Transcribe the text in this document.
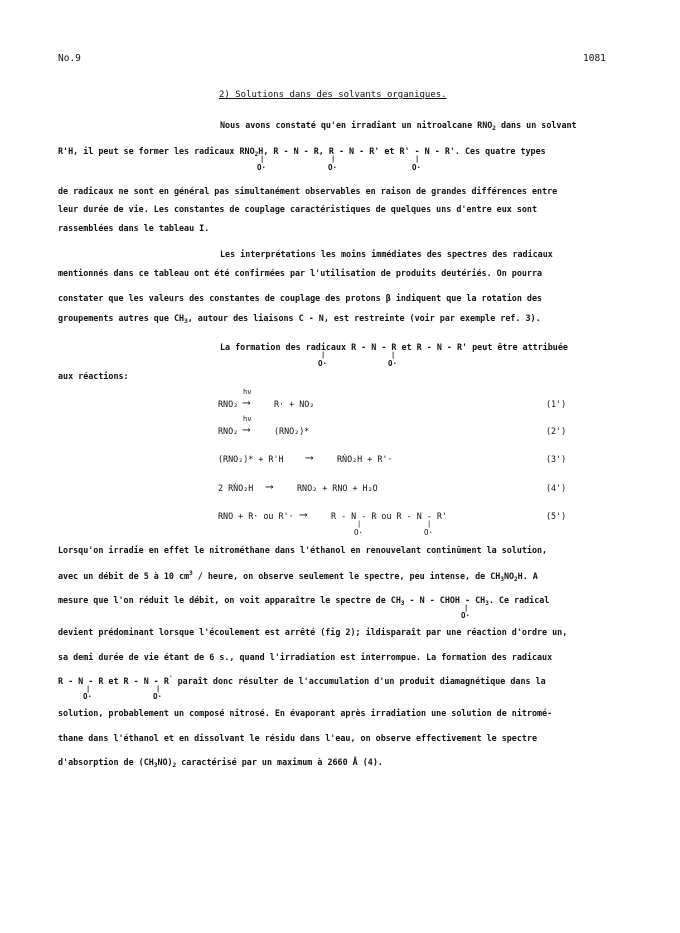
No.9	1081
2) Solutions dans des solvants organiques.
Nous avons constaté qu'en irradiant un nitroalcane $RNO_2$ dans un solvant
R'H, il peut se former les radicaux $RNO_2H$, R - N - R, R - N - R' et R' - N - R'. Ces quatre types
|
O·
|
O·
|
O·
de radicaux ne sont en général pas simultanément observables en raison de grandes différences entre
leur durée de vie. Les constantes de couplage caractéristiques de quelques uns d'entre eux sont
rassemblées dans le tableau I.
Les interprétations les moins immédiates des spectres des radicaux
mentionnés dans ce tableau ont été confirmées par l'utilisation de produits deutériés. On pourra
constater que les valeurs des constantes de couplage des protons β indiquent que la rotation des
groupements autres que $CH_3$, autour des liaisons C - N, est restreinte (voir par exemple ref. 3).
La formation des radicaux R - N - R et R - N - R' peut être attribuée
|
O·
|
O·
aux réactions:
RNO₂
hν
⟶	R· + NO₂	(1')
RNO₂
hν
⟶	(RNO₂)*	(2')
(RNO₂)* + R'H ⟶	RṄO₂H + R'·	(3')
2 RṄO₂H ⟶	RNO₂ + RNO + H₂O	(4')
RNO + R· ou R'· ⟶	R - N - R ou R - N - R'
|
O·
|
O·
(5')
Lorsqu'on irradie en effet le nitrométhane dans l'éthanol en renouvelant continûment la solution,
avec un débit de 5 à 10 $cm^3$ / heure, on observe seulement le spectre, peu intense, de $CH_3NO_2H$. A
mesure que l'on réduit le débit, on voit apparaître le spectre de $CH_3$ - N - CHOH - $CH_3$. Ce radical
|
O·
devient prédominant lorsque l'écoulement est arrêté (fig 2); ildisparaît par une réaction d'ordre un,
sa demi durée de vie étant de 6 s., quand l'irradiation est interrompue. La formation des radicaux
R - N - R et R - N - R' paraît donc résulter de l'accumulation d'un produit diamagnétique dans la
|
O·
|
O·
solution, probablement un composé nitrosé. En évaporant après irradiation une solution de nitromé-
thane dans l'éthanol et en dissolvant le résidu dans l'eau, on observe effectivement le spectre
d'absorption de $(CH_3NO)_2$ caractérisé par un maximum à 2660 Å (4).
